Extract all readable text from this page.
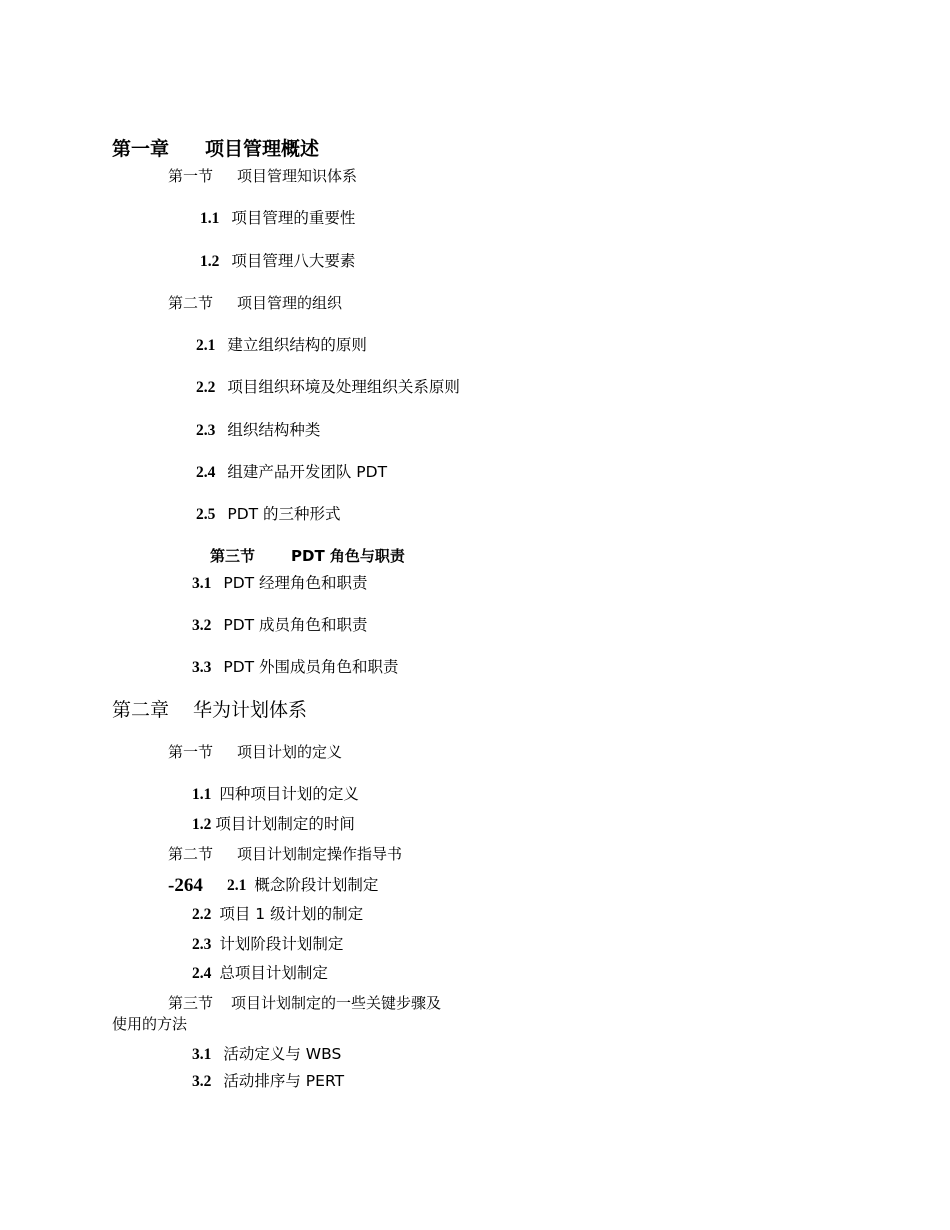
第一章 项目管理概述
第一节 项目管理知识体系
1.1 项目管理的重要性
1.2 项目管理八大要素
第二节 项目管理的组织
2.1 建立组织结构的原则
2.2 项目组织环境及处理组织关系原则
2.3 组织结构种类
2.4 组建产品开发团队 PDT
2.5 PDT 的三种形式
第三节 PDT 角色与职责
3.1 PDT 经理角色和职责
3.2 PDT 成员角色和职责
3.3 PDT 外围成员角色和职责
第二章 华为计划体系
第一节 项目计划的定义
1.1 四种项目计划的定义
1.2 项目计划制定的时间
第二节 项目计划制定操作指导书
-264 2.1 概念阶段计划制定
2.2 项目 1 级计划的制定
2.3 计划阶段计划制定
2.4 总项目计划制定
第三节 项目计划制定的一些关键步骤及
使用的方法
3.1 活动定义与 WBS
3.2 活动排序与 PERT
